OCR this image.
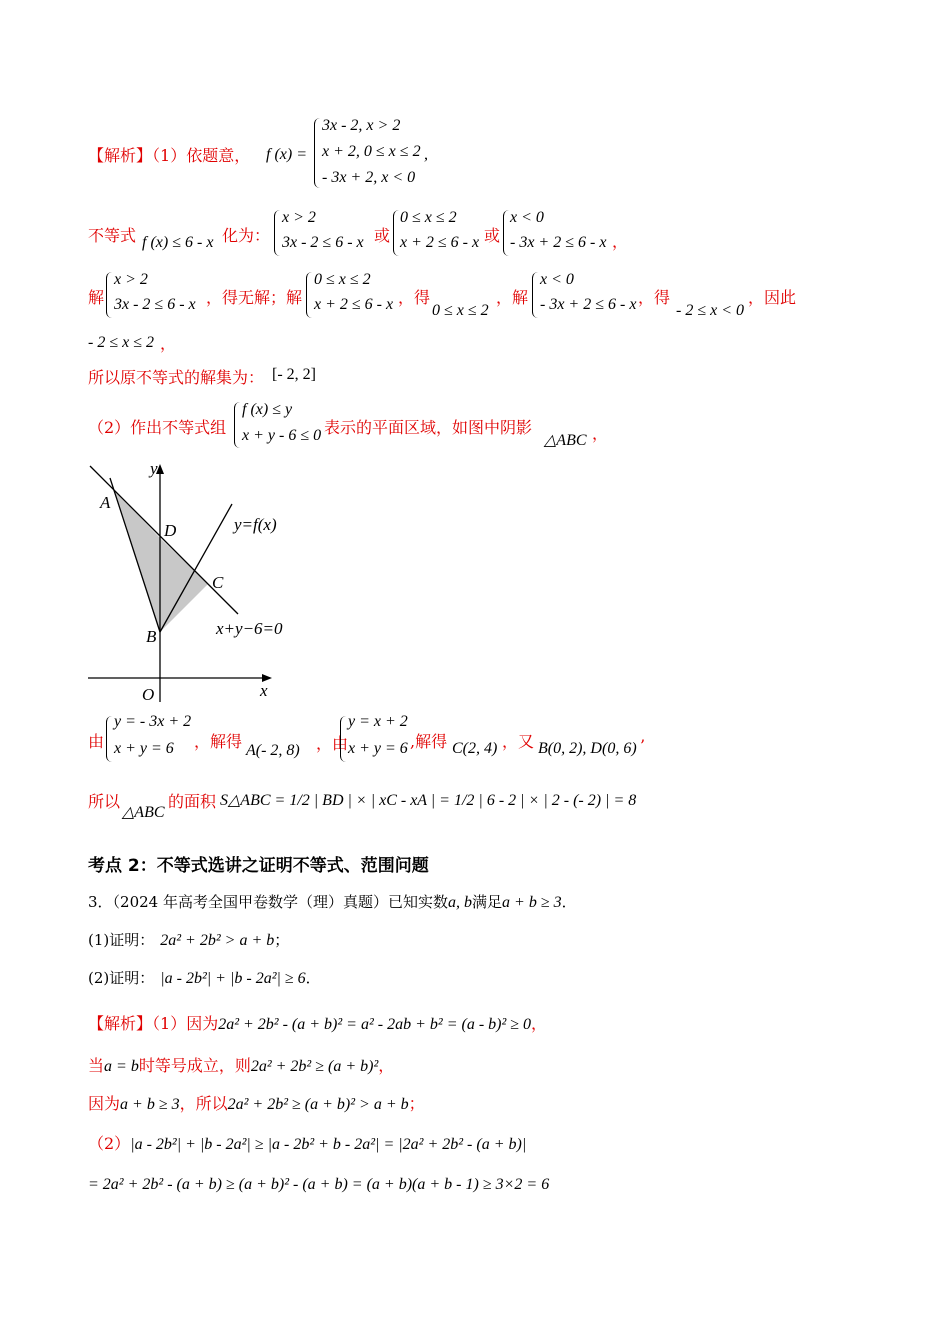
【解析】（1）依题意， f (x) =
3x - 2, x > 2
x + 2, 0 ≤ x ≤ 2
- 3x + 2, x < 0
,
不等式 f (x) ≤ 6 - x 化为：
x > 2
3x - 2 ≤ 6 - x 或
0 ≤ x ≤ 2
x + 2 ≤ 6 - x 或
x < 0
- 3x + 2 ≤ 6 - x ，
解
x > 2
3x - 2 ≤ 6 - x ，得无解；解
0 ≤ x ≤ 2
x + 2 ≤ 6 - x ，得
0 ≤ x ≤ 2
，解
x < 0
- 3x + 2 ≤ 6 - x ，得
- 2 ≤ x < 0
，因此
- 2 ≤ x ≤ 2 ，
所以原不等式的解集为： [- 2, 2]
（2）作出不等式组
f (x) ≤ y
x + y - 6 ≤ 0 表示的平面区域，如图中阴影
△ABC ，
y
x
O
A
B
C
D	y=f(x)
x+y−6=0
由
y = - 3x + 2
x + y = 6 ，解得 A(- 2, 8) ，由
y = x + 2
x + y = 6 ,解得 C(2, 4) ，又 B(0, 2), D(0, 6) ’
所以
△ABC
的面积 S△ABC = 1/2 | BD | × | xC - xA | = 1/2 | 6 - 2 | × | 2 - (- 2) | = 8
考点 2：不等式选讲之证明不等式、范围问题
3．（2024 年高考全国甲卷数学（理）真题）已知实数a, b满足a + b ≥ 3．
(1)证明： 2a² + 2b² > a + b；
(2)证明： |a - 2b²| + |b - 2a²| ≥ 6．
【解析】（1）因为2a² + 2b² - (a + b)² = a² - 2ab + b² = (a - b)² ≥ 0，
当a = b时等号成立，则2a² + 2b² ≥ (a + b)²，
因为a + b ≥ 3，所以2a² + 2b² ≥ (a + b)² > a + b；
（2）|a - 2b²| + |b - 2a²| ≥ |a - 2b² + b - 2a²| = |2a² + 2b² - (a + b)|
= 2a² + 2b² - (a + b) ≥ (a + b)² - (a + b) = (a + b)(a + b - 1) ≥ 3×2 = 6
